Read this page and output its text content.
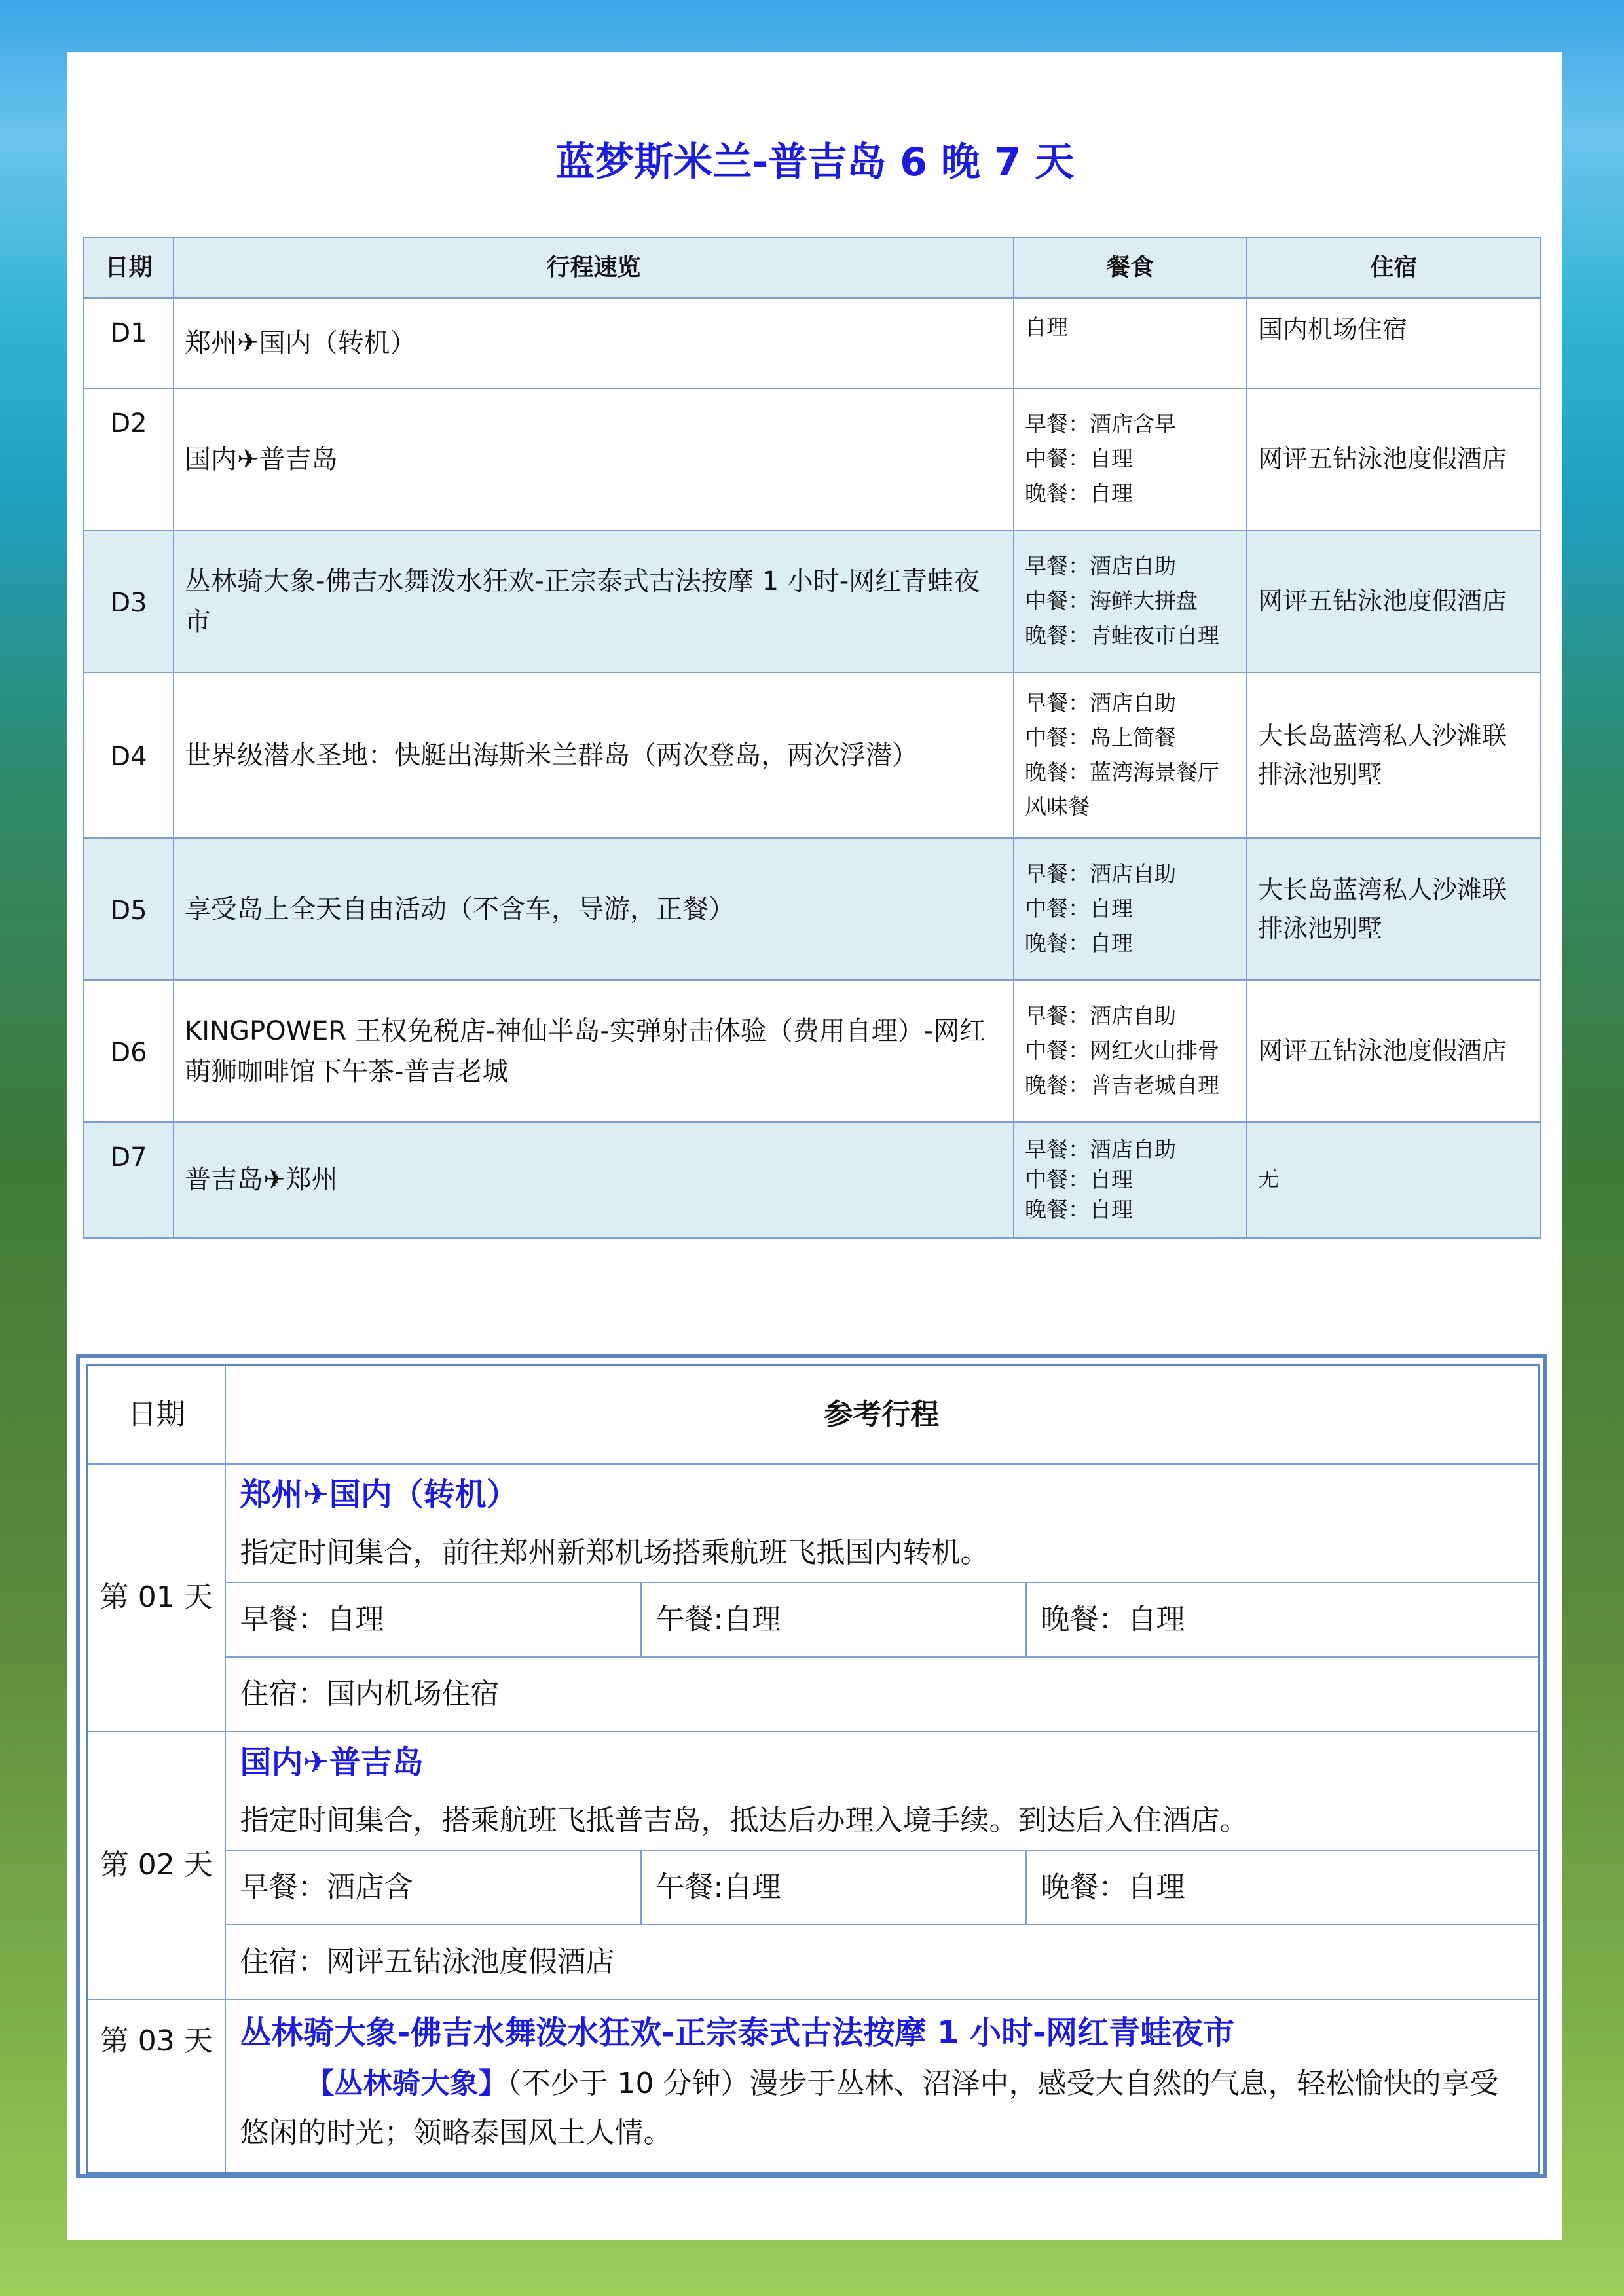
蓝梦斯米兰-普吉岛 6 晚 7 天
日期	行程速览	餐食	住宿
D1	郑州✈国内（转机）	自理	国内机场住宿
D2	国内✈普吉岛	早餐：酒店含早
中餐：自理
晚餐：自理	网评五钻泳池度假酒店
D3	丛林骑大象-佛吉水舞泼水狂欢-正宗泰式古法按摩 1 小时-网红青蛙夜市	早餐：酒店自助
中餐：海鲜大拼盘
晚餐：青蛙夜市自理	网评五钻泳池度假酒店
D4	世界级潜水圣地：快艇出海斯米兰群岛（两次登岛，两次浮潜）	早餐：酒店自助
中餐：岛上简餐
晚餐：蓝湾海景餐厅风味餐	大长岛蓝湾私人沙滩联排泳池别墅
D5	享受岛上全天自由活动（不含车，导游，正餐）	早餐：酒店自助
中餐：自理
晚餐：自理	大长岛蓝湾私人沙滩联排泳池别墅
D6	KINGPOWER 王权免税店-神仙半岛-实弹射击体验（费用自理）-网红萌狮咖啡馆下午茶-普吉老城	早餐：酒店自助
中餐：网红火山排骨
晚餐：普吉老城自理	网评五钻泳池度假酒店
D7	普吉岛✈郑州	早餐：酒店自助
中餐：自理
晚餐：自理	无
日期	参考行程		
第 01 天	郑州✈国内（转机）
指定时间集合，前往郑州新郑机场搭乘航班飞抵国内转机。		
	早餐：自理	午餐:自理	晚餐：自理
	住宿：国内机场住宿		
第 02 天	国内✈普吉岛
指定时间集合，搭乘航班飞抵普吉岛，抵达后办理入境手续。到达后入住酒店。		
	早餐：酒店含	午餐:自理	晚餐：自理
	住宿：网评五钻泳池度假酒店		
第 03 天	丛林骑大象-佛吉水舞泼水狂欢-正宗泰式古法按摩 1 小时-网红青蛙夜市
【丛林骑大象】（不少于 10 分钟）漫步于丛林、沼泽中，感受大自然的气息，轻松愉快的享受悠闲的时光；领略泰国风土人情。		
